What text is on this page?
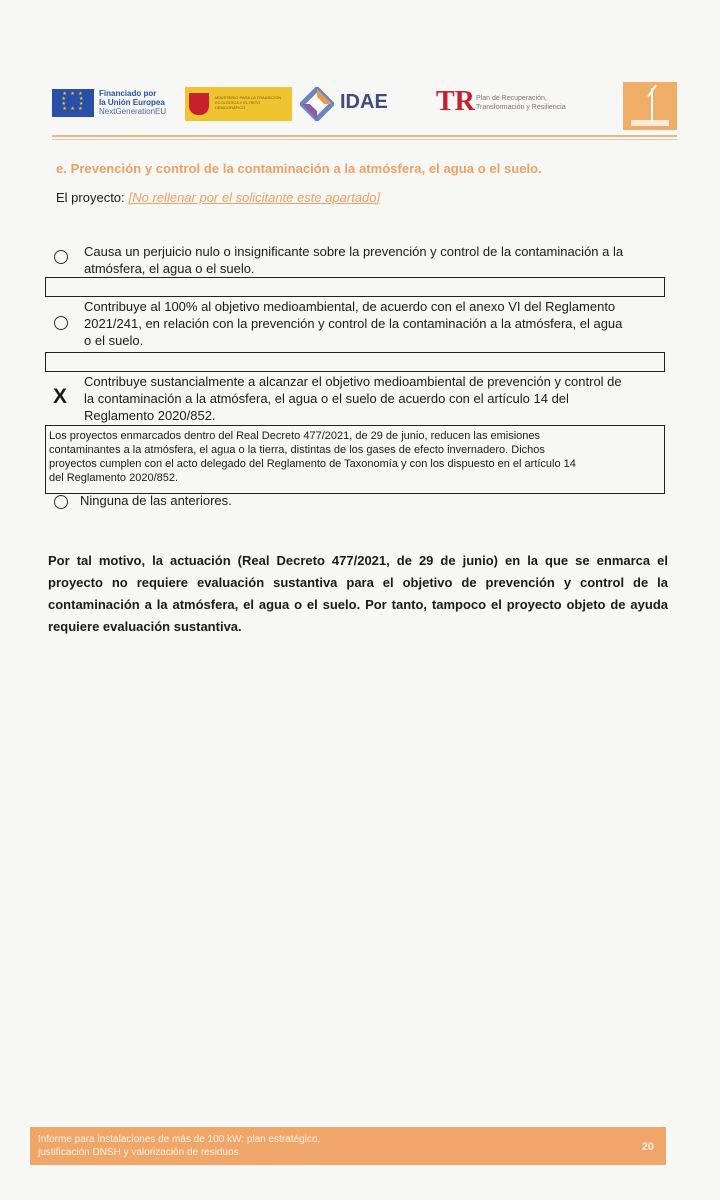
★ ★ ★
★     ★
★     ★
★ ★ ★
Financiado por
la Unión Europea
NextGenerationEU
MINISTERIO PARA LA TRANSICIÓN ECOLÓGICA Y EL RETO DEMOGRÁFICO	IDAE TR Plan de Recuperación,
Transformación y Resiliencia
e. Prevención y control de la contaminación a la atmósfera, el agua o el suelo.
El proyecto: [No rellenar por el solicitante este apartado]
Causa un perjuicio nulo o insignificante sobre la prevención y control de la contaminación a la
atmósfera, el agua o el suelo.
Contribuye al 100% al objetivo medioambiental, de acuerdo con el anexo VI del Reglamento
2021/241, en relación con la prevención y control de la contaminación a la atmósfera, el agua
o el suelo.
X
Contribuye sustancialmente a alcanzar el objetivo medioambiental de prevención y control de
la contaminación a la atmósfera, el agua o el suelo de acuerdo con el artículo 14 del
Reglamento 2020/852.
Los proyectos enmarcados dentro del Real Decreto 477/2021, de 29 de junio, reducen las emisiones
contaminantes a la atmósfera, el agua o la tierra, distintas de los gases de efecto invernadero. Dichos
proyectos cumplen con el acto delegado del Reglamento de Taxonomía y con los dispuesto en el artículo 14
del Reglamento 2020/852.
Ninguna de las anteriores.
Por tal motivo, la actuación (Real Decreto 477/2021, de 29 de junio) en la que se enmarca el proyecto no requiere evaluación sustantiva para el objetivo de prevención y control de la contaminación a la atmósfera, el agua o el suelo. Por tanto, tampoco el proyecto objeto de ayuda requiere evaluación sustantiva.
Informe para instalaciones de más de 100 kW: plan estratégico,
justificación DNSH y valorización de residuos	20
